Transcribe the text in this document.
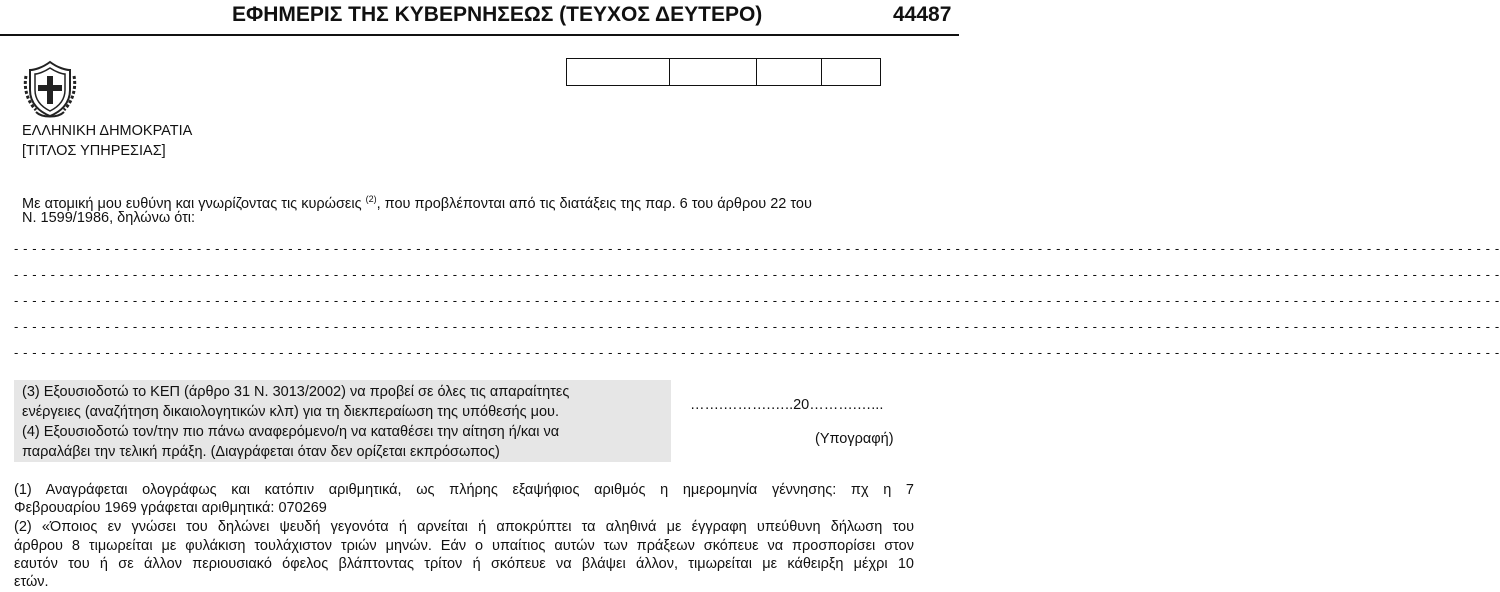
ΕΦΗΜΕΡΙΣ ΤΗΣ ΚΥΒΕΡΝΗΣΕΩΣ (ΤΕΥΧΟΣ ΔΕΥΤΕΡΟ)	44487
ΕΛΛΗΝΙΚΗ ΔΗΜΟΚΡΑΤΙΑ
[ΤΙΤΛΟΣ ΥΠΗΡΕΣΙΑΣ]
Με ατομική μου ευθύνη και γνωρίζοντας τις κυρώσεις $^{(2)}$, που προβλέπονται από τις διατάξεις της παρ. 6 του άρθρου 22 του
Ν. 1599/1986, δηλώνω ότι:
- - - - - - - - - - - - - - - - - - - - - - - - - - - - - - - - - - - - - - - - - - - - - - - - - - - - - - - - - - - - - - - - - - - - - - - - - - - - - - - - - - - - - - - - - - - - - - - - - - - - - - - - - - - - - - - - - - - - - - - - - - - - - - - - - - - - - - - - - - - - - - - - - - - - - - - - - - - - - - - - - - -
- - - - - - - - - - - - - - - - - - - - - - - - - - - - - - - - - - - - - - - - - - - - - - - - - - - - - - - - - - - - - - - - - - - - - - - - - - - - - - - - - - - - - - - - - - - - - - - - - - - - - - - - - - - - - - - - - - - - - - - - - - - - - - - - - - - - - - - - - - - - - - - - - - - - - - - - - - - - - - - - - - -
- - - - - - - - - - - - - - - - - - - - - - - - - - - - - - - - - - - - - - - - - - - - - - - - - - - - - - - - - - - - - - - - - - - - - - - - - - - - - - - - - - - - - - - - - - - - - - - - - - - - - - - - - - - - - - - - - - - - - - - - - - - - - - - - - - - - - - - - - - - - - - - - - - - - - - - - - - - - - - - - - - -
- - - - - - - - - - - - - - - - - - - - - - - - - - - - - - - - - - - - - - - - - - - - - - - - - - - - - - - - - - - - - - - - - - - - - - - - - - - - - - - - - - - - - - - - - - - - - - - - - - - - - - - - - - - - - - - - - - - - - - - - - - - - - - - - - - - - - - - - - - - - - - - - - - - - - - - - - - - - - - - - - - -
- - - - - - - - - - - - - - - - - - - - - - - - - - - - - - - - - - - - - - - - - - - - - - - - - - - - - - - - - - - - - - - - - - - - - - - - - - - - - - - - - - - - - - - - - - - - - - - - - - - - - - - - - - - - - - - - - - - - - - - - - - - - - - - - - - - - - - - - - - - - - - - - - - - - - - - - - - - - - - - - - - -
(3) Εξουσιοδοτώ το ΚΕΠ (άρθρο 31 Ν. 3013/2002) να προβεί σε όλες τις απαραίτητες
ενέργειες (αναζήτηση δικαιολογητικών κλπ) για τη διεκπεραίωση της υπόθεσής μου.
(4) Εξουσιοδοτώ τον/την πιο πάνω αναφερόμενο/η να καταθέσει την αίτηση ή/και να
παραλάβει την τελική πράξη. (Διαγράφεται όταν δεν ορίζεται εκπρόσωπος)
…….……….…..20……….…...
(Υπογραφή)
(1) Αναγράφεται ολογράφως και κατόπιν αριθμητικά, ως πλήρης εξαψήφιος αριθμός η ημερομηνία γέννησης: πχ η 7
Φεβρουαρίου 1969 γράφεται αριθμητικά: 070269
(2) «Όποιος εν γνώσει του δηλώνει ψευδή γεγονότα ή αρνείται ή αποκρύπτει τα αληθινά με έγγραφη υπεύθυνη δήλωση του
άρθρου 8 τιμωρείται με φυλάκιση τουλάχιστον τριών μηνών. Εάν ο υπαίτιος αυτών των πράξεων σκόπευε να προσπορίσει στον
εαυτόν του ή σε άλλον περιουσιακό όφελος βλάπτοντας τρίτον ή σκόπευε να βλάψει άλλον, τιμωρείται με κάθειρξη μέχρι 10
ετών.
